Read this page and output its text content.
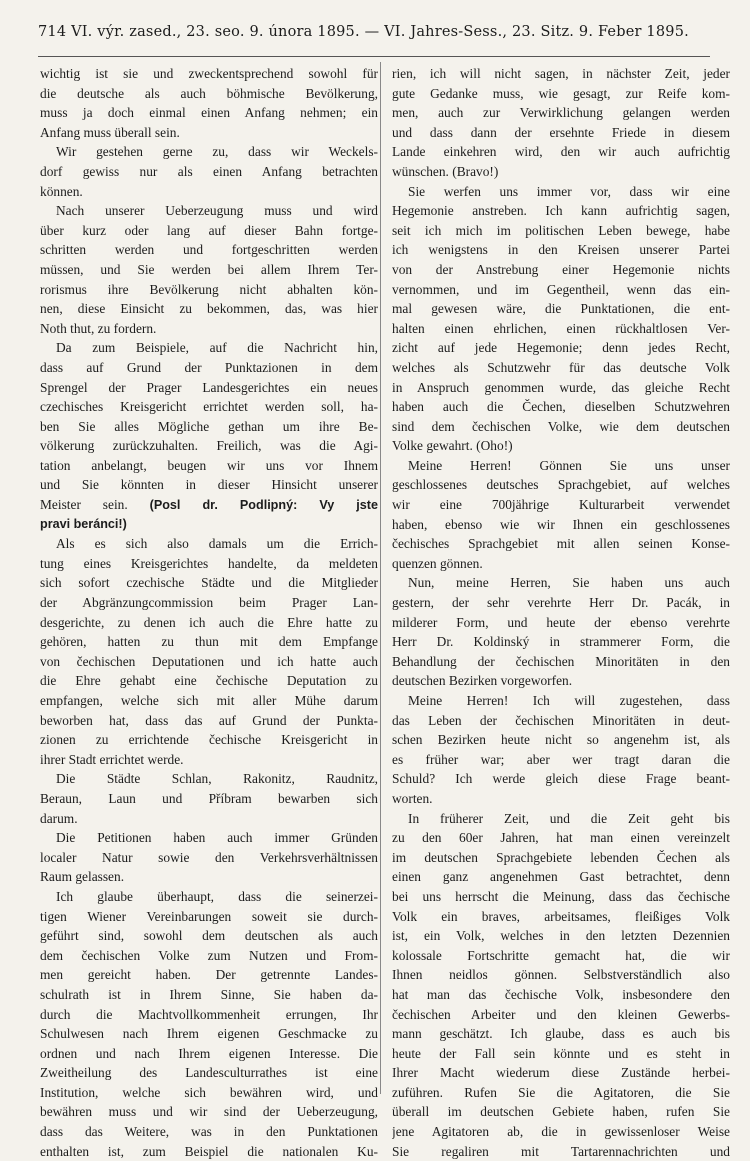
714 VI. výr. zased., 23. seo. 9. února 1895. — VI. Jahres-Sess., 23. Sitz. 9. Feber 1895.
wichtig ist sie und zweckentsprechend sowohl für
die deutsche als auch böhmische Bevölkerung,
muss ja doch einmal einen Anfang nehmen; ein
Anfang muss überall sein.
Wir gestehen gerne zu, dass wir Weckels-
dorf gewiss nur als einen Anfang betrachten
können.
Nach unserer Ueberzeugung muss und wird
über kurz oder lang auf dieser Bahn fortge-
schritten werden und fortgeschritten werden
müssen, und Sie werden bei allem Ihrem Ter-
rorismus ihre Bevölkerung nicht abhalten kön-
nen, diese Einsicht zu bekommen, das, was hier
Noth thut, zu fordern.
Da zum Beispiele, auf die Nachricht hin,
dass auf Grund der Punktazionen in dem
Sprengel der Prager Landesgerichtes ein neues
czechisches Kreisgericht errichtet werden soll, ha-
ben Sie alles Mögliche gethan um ihre Be-
völkerung zurückzuhalten. Freilich, was die Agi-
tation anbelangt, beugen wir uns vor Ihnem
und Sie könnten in dieser Hinsicht unserer
Meister sein. (Posl dr. Podlipný: Vy jste
pravi beránci!)
Als es sich also damals um die Errich-
tung eines Kreisgerichtes handelte, da meldeten
sich sofort czechische Städte und die Mitglieder
der Abgränzungcommission beim Prager Lan-
desgerichte, zu denen ich auch die Ehre hatte zu
gehören, hatten zu thun mit dem Empfange
von čechischen Deputationen und ich hatte auch
die Ehre gehabt eine čechische Deputation zu
empfangen, welche sich mit aller Mühe darum
beworben hat, dass das auf Grund der Punkta-
zionen zu errichtende čechische Kreisgericht in
ihrer Stadt errichtet werde.
Die Städte Schlan, Rakonitz, Raudnitz,
Beraun, Laun und Příbram bewarben sich
darum.
Die Petitionen haben auch immer Gründen
localer Natur sowie den Verkehrsverhältnissen
Raum gelassen.
Ich glaube überhaupt, dass die seinerzei-
tigen Wiener Vereinbarungen soweit sie durch-
geführt sind, sowohl dem deutschen als auch
dem čechischen Volke zum Nutzen und From-
men gereicht haben. Der getrennte Landes-
schulrath ist in Ihrem Sinne, Sie haben da-
durch die Machtvollkommenheit errungen, Ihr
Schulwesen nach Ihrem eigenen Geschmacke zu
ordnen und nach Ihrem eigenen Interesse. Die
Zweitheilung des Landesculturrathes ist eine
Institution, welche sich bewähren wird, und
bewähren muss und wir sind der Ueberzeugung,
dass das Weitere, was in den Punktationen
enthalten ist, zum Beispiel die nationalen Ku-
rien, ich will nicht sagen, in nächster Zeit, jeder
gute Gedanke muss, wie gesagt, zur Reife kom-
men, auch zur Verwirklichung gelangen werden
und dass dann der ersehnte Friede in diesem
Lande einkehren wird, den wir auch aufrichtig
wünschen. (Bravo!)
Sie werfen uns immer vor, dass wir eine
Hegemonie anstreben. Ich kann aufrichtig sagen,
seit ich mich im politischen Leben bewege, habe
ich wenigstens in den Kreisen unserer Partei
von der Anstrebung einer Hegemonie nichts
vernommen, und im Gegentheil, wenn das ein-
mal gewesen wäre, die Punktationen, die ent-
halten einen ehrlichen, einen rückhaltlosen Ver-
zicht auf jede Hegemonie; denn jedes Recht,
welches als Schutzwehr für das deutsche Volk
in Anspruch genommen wurde, das gleiche Recht
haben auch die Čechen, dieselben Schutzwehren
sind dem čechischen Volke, wie dem deutschen
Volke gewahrt. (Oho!)
Meine Herren! Gönnen Sie uns unser
geschlossenes deutsches Sprachgebiet, auf welches
wir eine 700jährige Kulturarbeit verwendet
haben, ebenso wie wir Ihnen ein geschlossenes
čechisches Sprachgebiet mit allen seinen Konse-
quenzen gönnen.
Nun, meine Herren, Sie haben uns auch
gestern, der sehr verehrte Herr Dr. Pacák, in
milderer Form, und heute der ebenso verehrte
Herr Dr. Koldinský in strammerer Form, die
Behandlung der čechischen Minoritäten in den
deutschen Bezirken vorgeworfen.
Meine Herren! Ich will zugestehen, dass
das Leben der čechischen Minoritäten in deut-
schen Bezirken heute nicht so angenehm ist, als
es früher war; aber wer tragt daran die
Schuld? Ich werde gleich diese Frage beant-
worten.
In früherer Zeit, und die Zeit geht bis
zu den 60er Jahren, hat man einen vereinzelt
im deutschen Sprachgebiete lebenden Čechen als
einen ganz angenehmen Gast betrachtet, denn
bei uns herrscht die Meinung, dass das čechische
Volk ein braves, arbeitsames, fleißiges Volk
ist, ein Volk, welches in den letzten Dezennien
kolossale Fortschritte gemacht hat, die wir
Ihnen neidlos gönnen. Selbstverständlich also
hat man das čechische Volk, insbesondere den
čechischen Arbeiter und den kleinen Gewerbs-
mann geschätzt. Ich glaube, dass es auch bis
heute der Fall sein könnte und es steht in
Ihrer Macht wiederum diese Zustände herbei-
zuführen. Rufen Sie die Agitatoren, die Sie
überall im deutschen Gebiete haben, rufen Sie
jene Agitatoren ab, die in gewissenloser Weise
Sie regaliren mit Tartarennachrichten und
